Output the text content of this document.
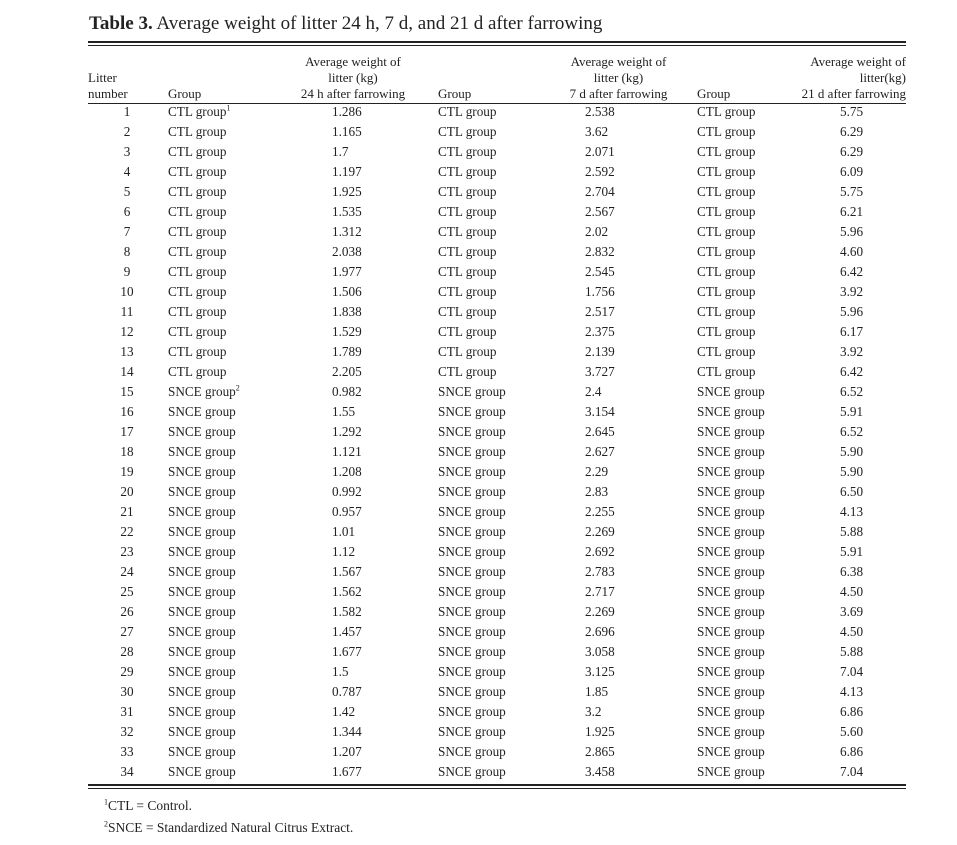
Table 3. Average weight of litter 24 h, 7 d, and 21 d after farrowing
Litter
number	Group	Average weight of
litter (kg)
24 h after farrowing	Group	Average weight of
litter (kg)
7 d after farrowing	Group	Average weight of
litter(kg)
21 d after farrowing
1	CTL group$^1$	1.286	CTL group	2.538	CTL group	5.75
2	CTL group	1.165	CTL group	3.62	CTL group	6.29
3	CTL group	1.7	CTL group	2.071	CTL group	6.29
4	CTL group	1.197	CTL group	2.592	CTL group	6.09
5	CTL group	1.925	CTL group	2.704	CTL group	5.75
6	CTL group	1.535	CTL group	2.567	CTL group	6.21
7	CTL group	1.312	CTL group	2.02	CTL group	5.96
8	CTL group	2.038	CTL group	2.832	CTL group	4.60
9	CTL group	1.977	CTL group	2.545	CTL group	6.42
10	CTL group	1.506	CTL group	1.756	CTL group	3.92
11	CTL group	1.838	CTL group	2.517	CTL group	5.96
12	CTL group	1.529	CTL group	2.375	CTL group	6.17
13	CTL group	1.789	CTL group	2.139	CTL group	3.92
14	CTL group	2.205	CTL group	3.727	CTL group	6.42
15	SNCE group$^2$	0.982	SNCE group	2.4	SNCE group	6.52
16	SNCE group	1.55	SNCE group	3.154	SNCE group	5.91
17	SNCE group	1.292	SNCE group	2.645	SNCE group	6.52
18	SNCE group	1.121	SNCE group	2.627	SNCE group	5.90
19	SNCE group	1.208	SNCE group	2.29	SNCE group	5.90
20	SNCE group	0.992	SNCE group	2.83	SNCE group	6.50
21	SNCE group	0.957	SNCE group	2.255	SNCE group	4.13
22	SNCE group	1.01	SNCE group	2.269	SNCE group	5.88
23	SNCE group	1.12	SNCE group	2.692	SNCE group	5.91
24	SNCE group	1.567	SNCE group	2.783	SNCE group	6.38
25	SNCE group	1.562	SNCE group	2.717	SNCE group	4.50
26	SNCE group	1.582	SNCE group	2.269	SNCE group	3.69
27	SNCE group	1.457	SNCE group	2.696	SNCE group	4.50
28	SNCE group	1.677	SNCE group	3.058	SNCE group	5.88
29	SNCE group	1.5	SNCE group	3.125	SNCE group	7.04
30	SNCE group	0.787	SNCE group	1.85	SNCE group	4.13
31	SNCE group	1.42	SNCE group	3.2	SNCE group	6.86
32	SNCE group	1.344	SNCE group	1.925	SNCE group	5.60
33	SNCE group	1.207	SNCE group	2.865	SNCE group	6.86
34	SNCE group	1.677	SNCE group	3.458	SNCE group	7.04
$^1$CTL = Control.
$^2$SNCE = Standardized Natural Citrus Extract.
